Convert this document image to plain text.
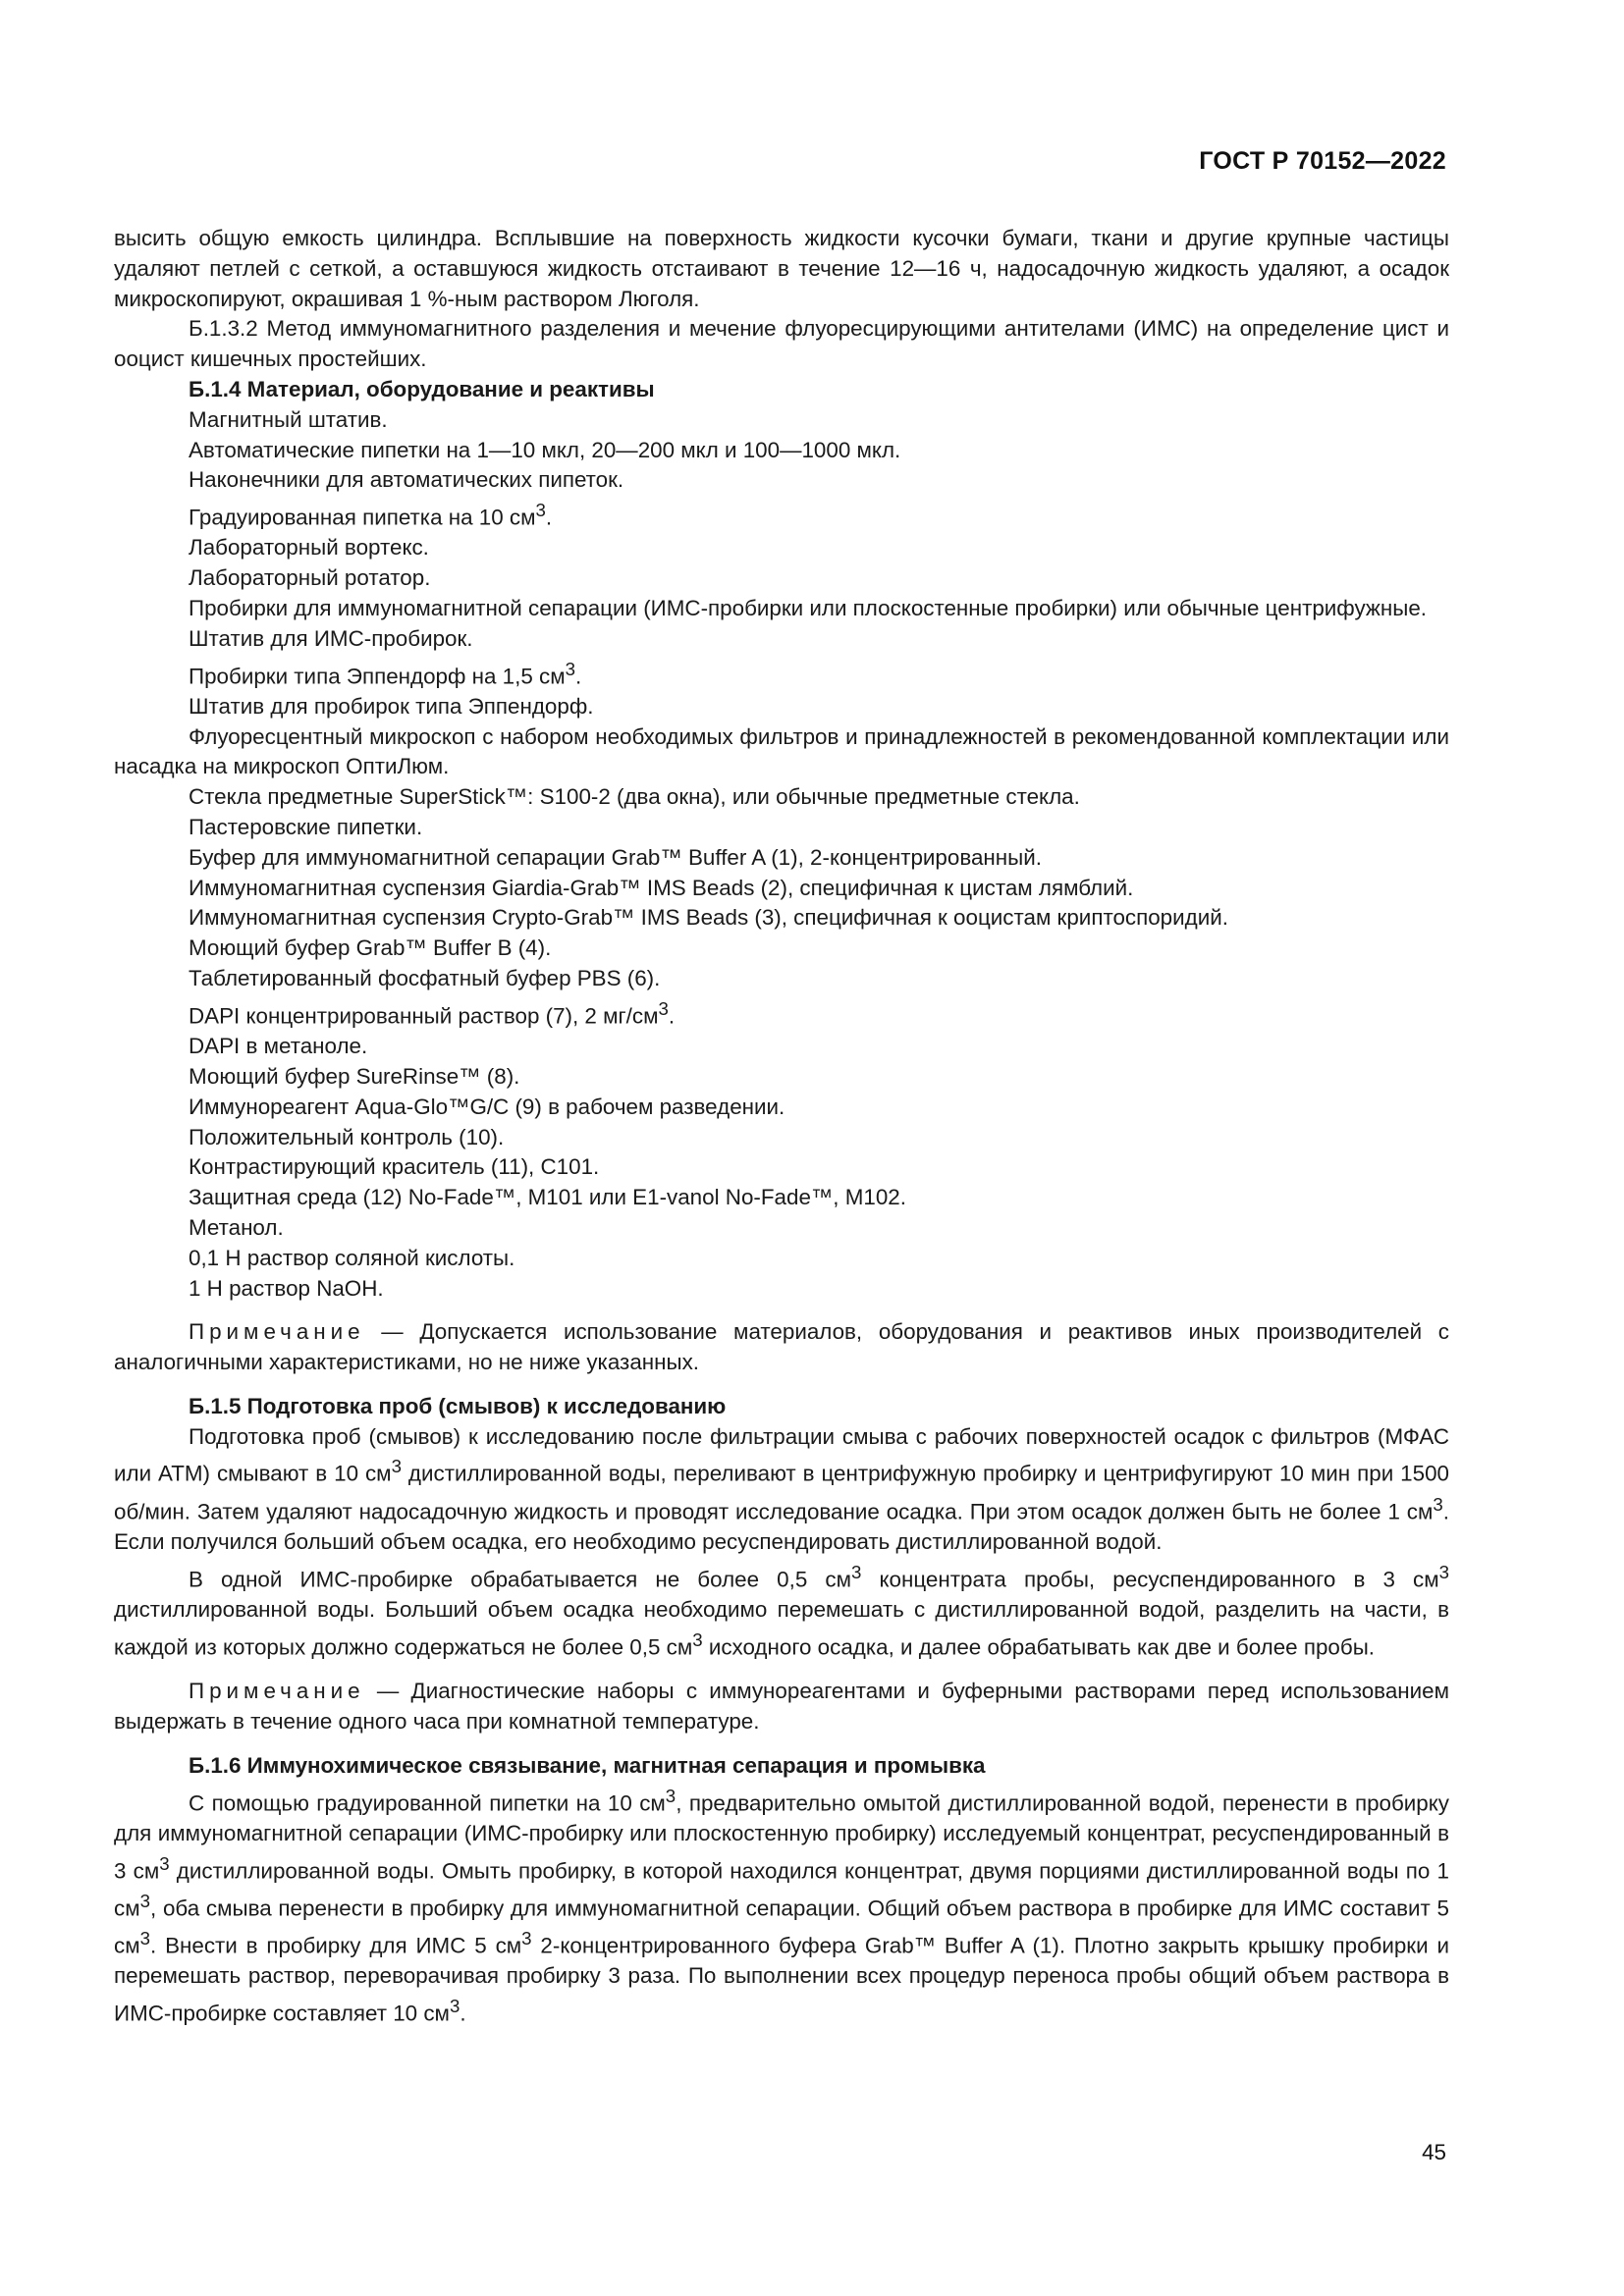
ГОСТ Р 70152—2022

высить общую емкость цилиндра. Всплывшие на поверхность жидкости кусочки бумаги, ткани и другие крупные частицы удаляют петлей с сеткой, а оставшуюся жидкость отстаивают в течение 12—16 ч, надосадочную жидкость удаляют, а осадок микроскопируют, окрашивая 1 %-ным раствором Люголя.

Б.1.3.2 Метод иммуномагнитного разделения и мечение флуоресцирующими антителами (ИМС) на определение цист и ооцист кишечных простейших.

Б.1.4 Материал, оборудование и реактивы

Магнитный штатив.

Автоматические пипетки на 1—10 мкл, 20—200 мкл и 100—1000 мкл.

Наконечники для автоматических пипеток.

Градуированная пипетка на 10 $см^3$.

Лабораторный вортекс.

Лабораторный ротатор.

Пробирки для иммуномагнитной сепарации (ИМС-пробирки или плоскостенные пробирки) или обычные центрифужные.

Штатив для ИМС-пробирок.

Пробирки типа Эппендорф на 1,5 $см^3$.

Штатив для пробирок типа Эппендорф.

Флуоресцентный микроскоп с набором необходимых фильтров и принадлежностей в рекомендованной комплектации или насадка на микроскоп ОптиЛюм.

Стекла предметные SuperStick™: S100-2 (два окна), или обычные предметные стекла.

Пастеровские пипетки.

Буфер для иммуномагнитной сепарации Grab™ Buffer A (1), 2-концентрированный.

Иммуномагнитная суспензия Giardia-Grab™ IMS Beads (2), специфичная к цистам лямблий.

Иммуномагнитная суспензия Crypto-Grab™ IMS Beads (3), специфичная к ооцистам криптоспоридий.

Моющий буфер Grab™ Buffer B (4).

Таблетированный фосфатный буфер PBS (6).

DAPI концентрированный раствор (7), 2 $мг/см^3$.

DAPI в метаноле.

Моющий буфер SureRinse™ (8).

Иммунореагент Aqua-Glo™G/C (9) в рабочем разведении.

Положительный контроль (10).

Контрастирующий краситель (11), C101.

Защитная среда (12) No-Fade™, M101 или E1-vanol No-Fade™, M102.

Метанол.

0,1 Н раствор соляной кислоты.

1 Н раствор NaOH.

Примечание — Допускается использование материалов, оборудования и реактивов иных производителей с аналогичными характеристиками, но не ниже указанных.

Б.1.5 Подготовка проб (смывов) к исследованию

Подготовка проб (смывов) к исследованию после фильтрации смыва с рабочих поверхностей осадок с фильтров (МФАС или АТМ) смывают в 10 $см^3$ дистиллированной воды, переливают в центрифужную пробирку и центрифугируют 10 мин при 1500 об/мин. Затем удаляют надосадочную жидкость и проводят исследование осадка. При этом осадок должен быть не более 1 $см^3$. Если получился больший объем осадка, его необходимо ресуспендировать дистиллированной водой.

В одной ИМС-пробирке обрабатывается не более 0,5 $см^3$ концентрата пробы, ресуспендированного в 3 $см^3$ дистиллированной воды. Больший объем осадка необходимо перемешать с дистиллированной водой, разделить на части, в каждой из которых должно содержаться не более 0,5 $см^3$ исходного осадка, и далее обрабатывать как две и более пробы.

Примечание — Диагностические наборы с иммунореагентами и буферными растворами перед использованием выдержать в течение одного часа при комнатной температуре.

Б.1.6 Иммунохимическое связывание, магнитная сепарация и промывка

С помощью градуированной пипетки на 10 $см^3$, предварительно омытой дистиллированной водой, перенести в пробирку для иммуномагнитной сепарации (ИМС-пробирку или плоскостенную пробирку) исследуемый концентрат, ресуспендированный в 3 $см^3$ дистиллированной воды. Омыть пробирку, в которой находился концентрат, двумя порциями дистиллированной воды по 1 $см^3$, оба смыва перенести в пробирку для иммуномагнитной сепарации. Общий объем раствора в пробирке для ИМС составит 5 $см^3$. Внести в пробирку для ИМС 5 $см^3$ 2-концентрированного буфера Grab™ Buffer A (1). Плотно закрыть крышку пробирки и перемешать раствор, переворачивая пробирку 3 раза. По выполнении всех процедур переноса пробы общий объем раствора в ИМС-пробирке составляет 10 $см^3$.

45
